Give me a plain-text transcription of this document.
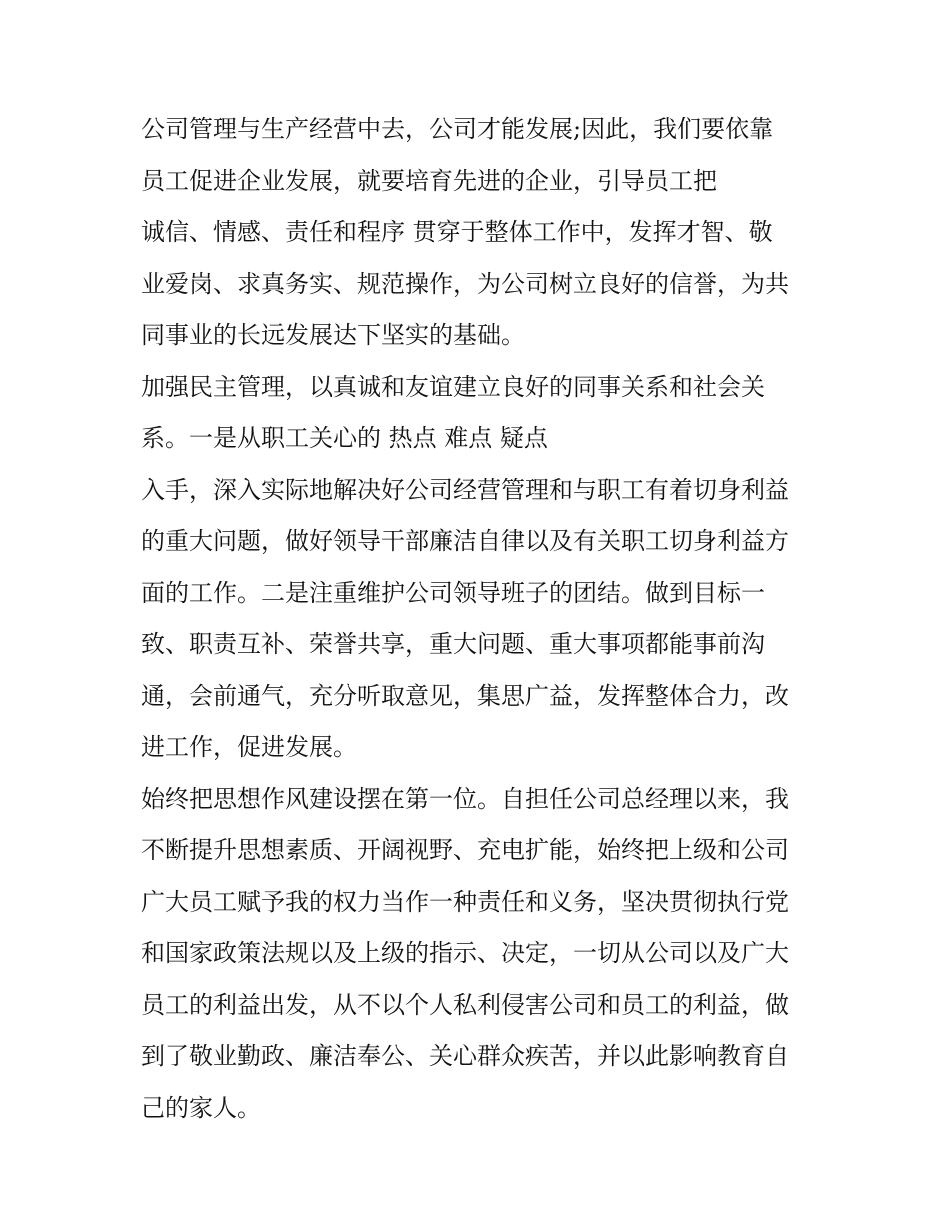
公司管理与生产经营中去，公司才能发展;因此，我们要依靠
员工促进企业发展，就要培育先进的企业，引导员工把
诚信、情感、责任和程序 贯穿于整体工作中，发挥才智、敬
业爱岗、求真务实、规范操作，为公司树立良好的信誉，为共
同事业的长远发展达下坚实的基础。
加强民主管理，以真诚和友谊建立良好的同事关系和社会关
系。一是从职工关心的 热点 难点 疑点
入手，深入实际地解决好公司经营管理和与职工有着切身利益
的重大问题，做好领导干部廉洁自律以及有关职工切身利益方
面的工作。二是注重维护公司领导班子的团结。做到目标一
致、职责互补、荣誉共享，重大问题、重大事项都能事前沟
通，会前通气，充分听取意见，集思广益，发挥整体合力，改
进工作，促进发展。
始终把思想作风建设摆在第一位。自担任公司总经理以来，我
不断提升思想素质、开阔视野、充电扩能，始终把上级和公司
广大员工赋予我的权力当作一种责任和义务，坚决贯彻执行党
和国家政策法规以及上级的指示、决定，一切从公司以及广大
员工的利益出发，从不以个人私利侵害公司和员工的利益，做
到了敬业勤政、廉洁奉公、关心群众疾苦，并以此影响教育自
己的家人。
